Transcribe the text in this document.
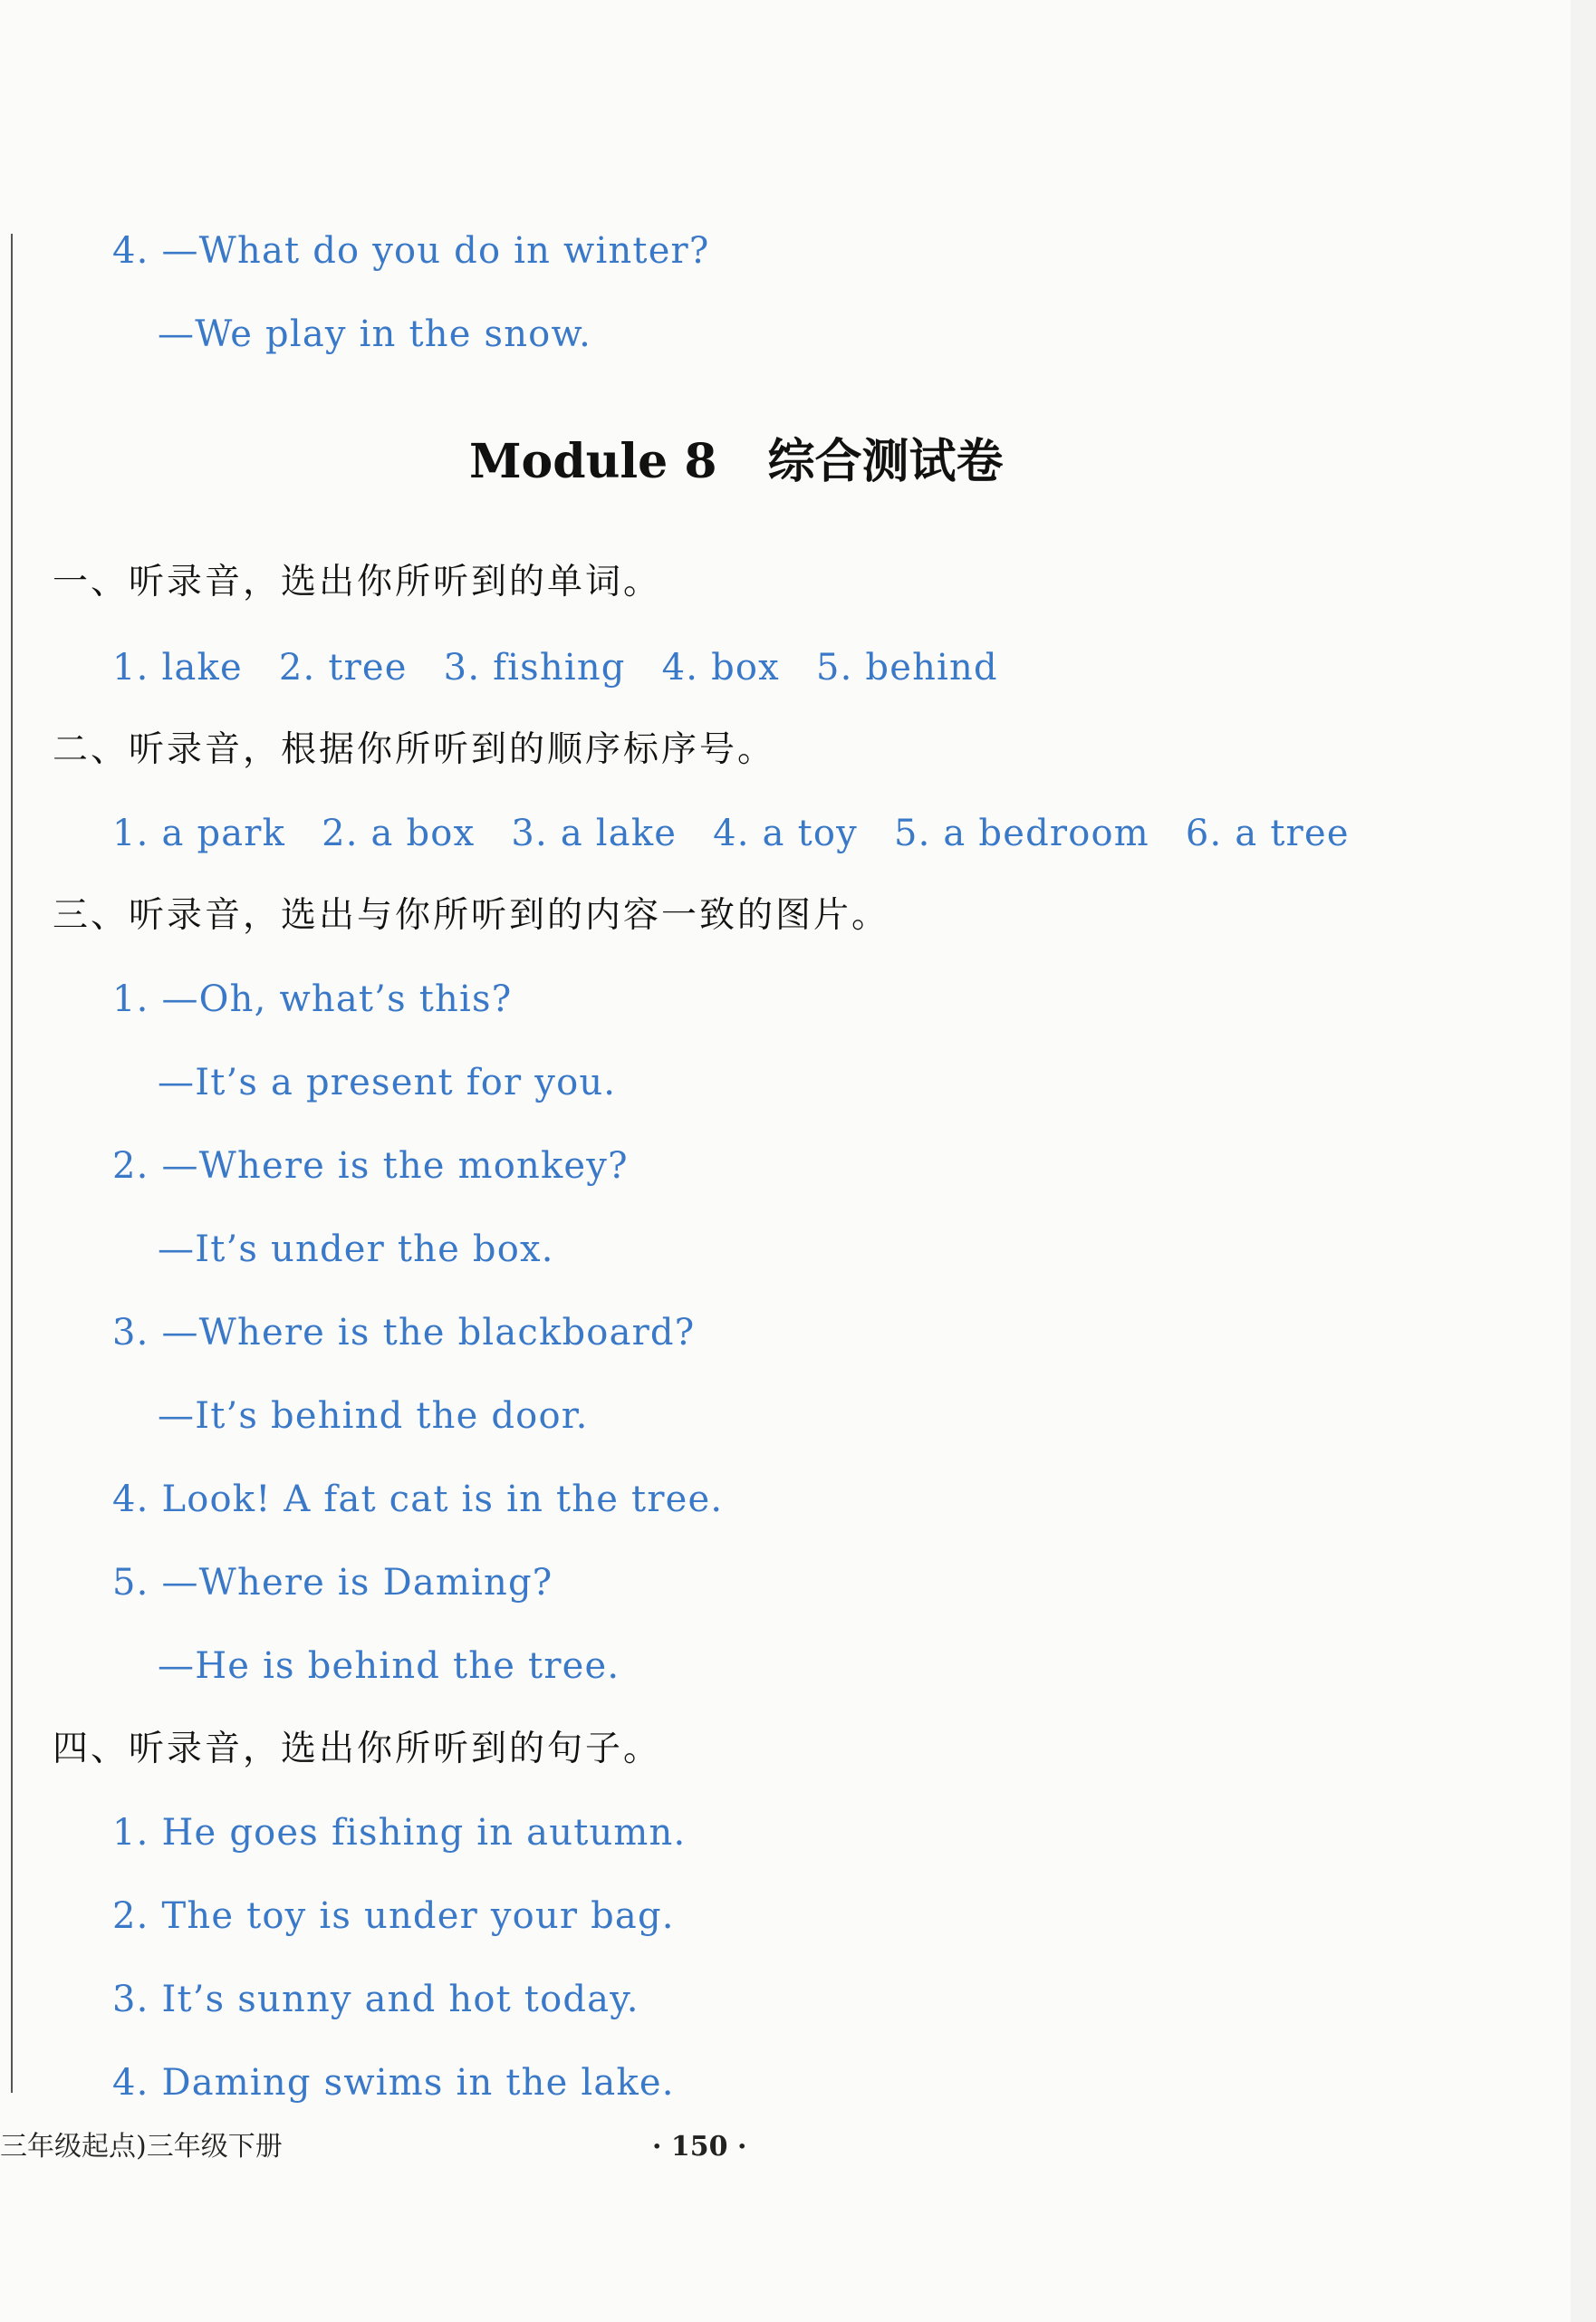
4. —What do you do in winter?
—We play in the snow.
Module 8 综合测试卷
一、听录音，选出你所听到的单词。
1. lake 2. tree 3. fishing 4. box 5. behind
二、听录音，根据你所听到的顺序标序号。
1. a park 2. a box 3. a lake 4. a toy 5. a bedroom 6. a tree
三、听录音，选出与你所听到的内容一致的图片。
1. —Oh, what’s this?
—It’s a present for you.
2. —Where is the monkey?
—It’s under the box.
3. —Where is the blackboard?
—It’s behind the door.
4. Look! A fat cat is in the tree.
5. —Where is Daming?
—He is behind the tree.
四、听录音，选出你所听到的句子。
1. He goes fishing in autumn.
2. The toy is under your bag.
3. It’s sunny and hot today.
4. Daming swims in the lake.
三年级起点)三年级下册	· 150 ·
